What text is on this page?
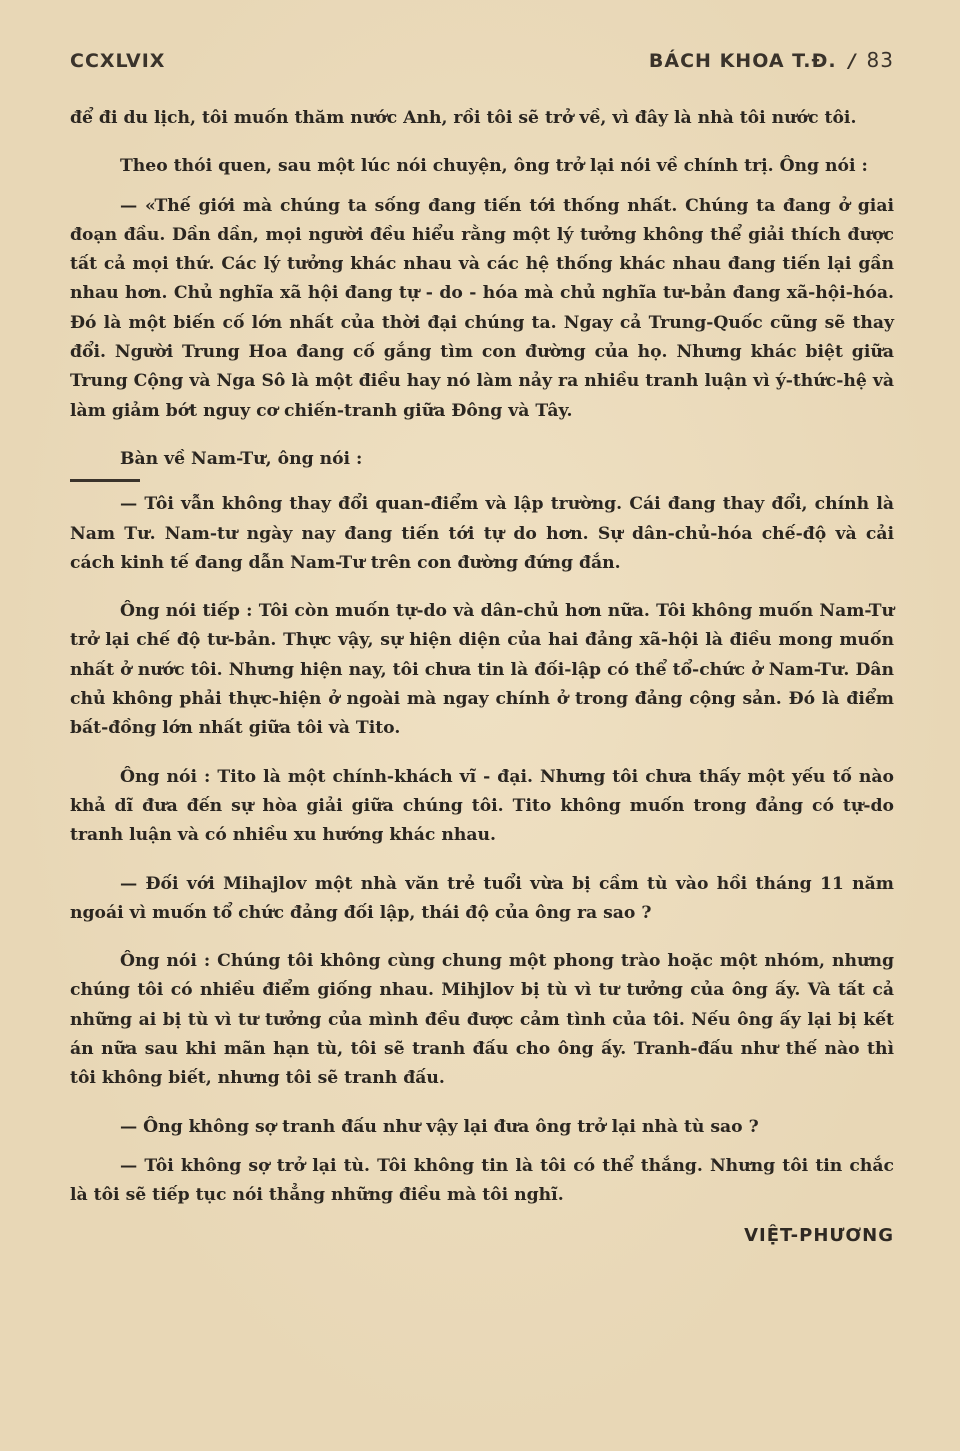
CCXLVIX	BÁCH KHOA T.Đ. / 83

để đi du lịch, tôi muốn thăm nước Anh, rồi tôi sẽ trở về, vì đây là nhà tôi nước tôi.

Theo thói quen, sau một lúc nói chuyện, ông trở lại nói về chính trị. Ông nói :

— «Thế giới mà chúng ta sống đang tiến tới thống nhất. Chúng ta đang ở giai đoạn đầu. Dần dần, mọi người đều hiểu rằng một lý tưởng không thể giải thích được tất cả mọi thứ. Các lý tưởng khác nhau và các hệ thống khác nhau đang tiến lại gần nhau hơn. Chủ nghĩa xã hội đang tự - do - hóa mà chủ nghĩa tư-bản đang xã-hội-hóa. Đó là một biến cố lớn nhất của thời đại chúng ta. Ngay cả Trung-Quốc cũng sẽ thay đổi. Người Trung Hoa đang cố gắng tìm con đường của họ. Nhưng khác biệt giữa Trung Cộng và Nga Sô là một điều hay nó làm nảy ra nhiều tranh luận vì ý-thức-hệ và làm giảm bớt nguy cơ chiến-tranh giữa Đông và Tây.

Bàn về Nam-Tư, ông nói :

— Tôi vẫn không thay đổi quan-điểm và lập trường. Cái đang thay đổi, chính là Nam Tư. Nam-tư ngày nay đang tiến tới tự do hơn. Sự dân-chủ-hóa chế-độ và cải cách kinh tế đang dẫn Nam-Tư trên con đường đứng đắn.

Ông nói tiếp : Tôi còn muốn tự-do và dân-chủ hơn nữa. Tôi không muốn Nam-Tư trở lại chế độ tư-bản. Thực vậy, sự hiện diện của hai đảng xã-hội là điều mong muốn nhất ở nước tôi. Nhưng hiện nay, tôi chưa tin là đối-lập có thể tổ-chức ở Nam-Tư. Dân chủ không phải thực-hiện ở ngoài mà ngay chính ở trong đảng cộng sản. Đó là điểm bất-đồng lớn nhất giữa tôi và Tito.

Ông nói : Tito là một chính-khách vĩ - đại. Nhưng tôi chưa thấy một yếu tố nào khả dĩ đưa đến sự hòa giải giữa chúng tôi. Tito không muốn trong đảng có tự-do tranh luận và có nhiều xu hướng khác nhau.

— Đối với Mihajlov một nhà văn trẻ tuổi vừa bị cầm tù vào hồi tháng 11 năm ngoái vì muốn tổ chức đảng đối lập, thái độ của ông ra sao ?

Ông nói : Chúng tôi không cùng chung một phong trào hoặc một nhóm, nhưng chúng tôi có nhiều điểm giống nhau. Mihjlov bị tù vì tư tưởng của ông ấy. Và tất cả những ai bị tù vì tư tưởng của mình đều được cảm tình của tôi. Nếu ông ấy lại bị kết án nữa sau khi mãn hạn tù, tôi sẽ tranh đấu cho ông ấy. Tranh-đấu như thế nào thì tôi không biết, nhưng tôi sẽ tranh đấu.

— Ông không sợ tranh đấu như vậy lại đưa ông trở lại nhà tù sao ?

— Tôi không sợ trở lại tù. Tôi không tin là tôi có thể thắng. Nhưng tôi tin chắc là tôi sẽ tiếp tục nói thẳng những điều mà tôi nghĩ.

VIỆT-PHƯƠNG
